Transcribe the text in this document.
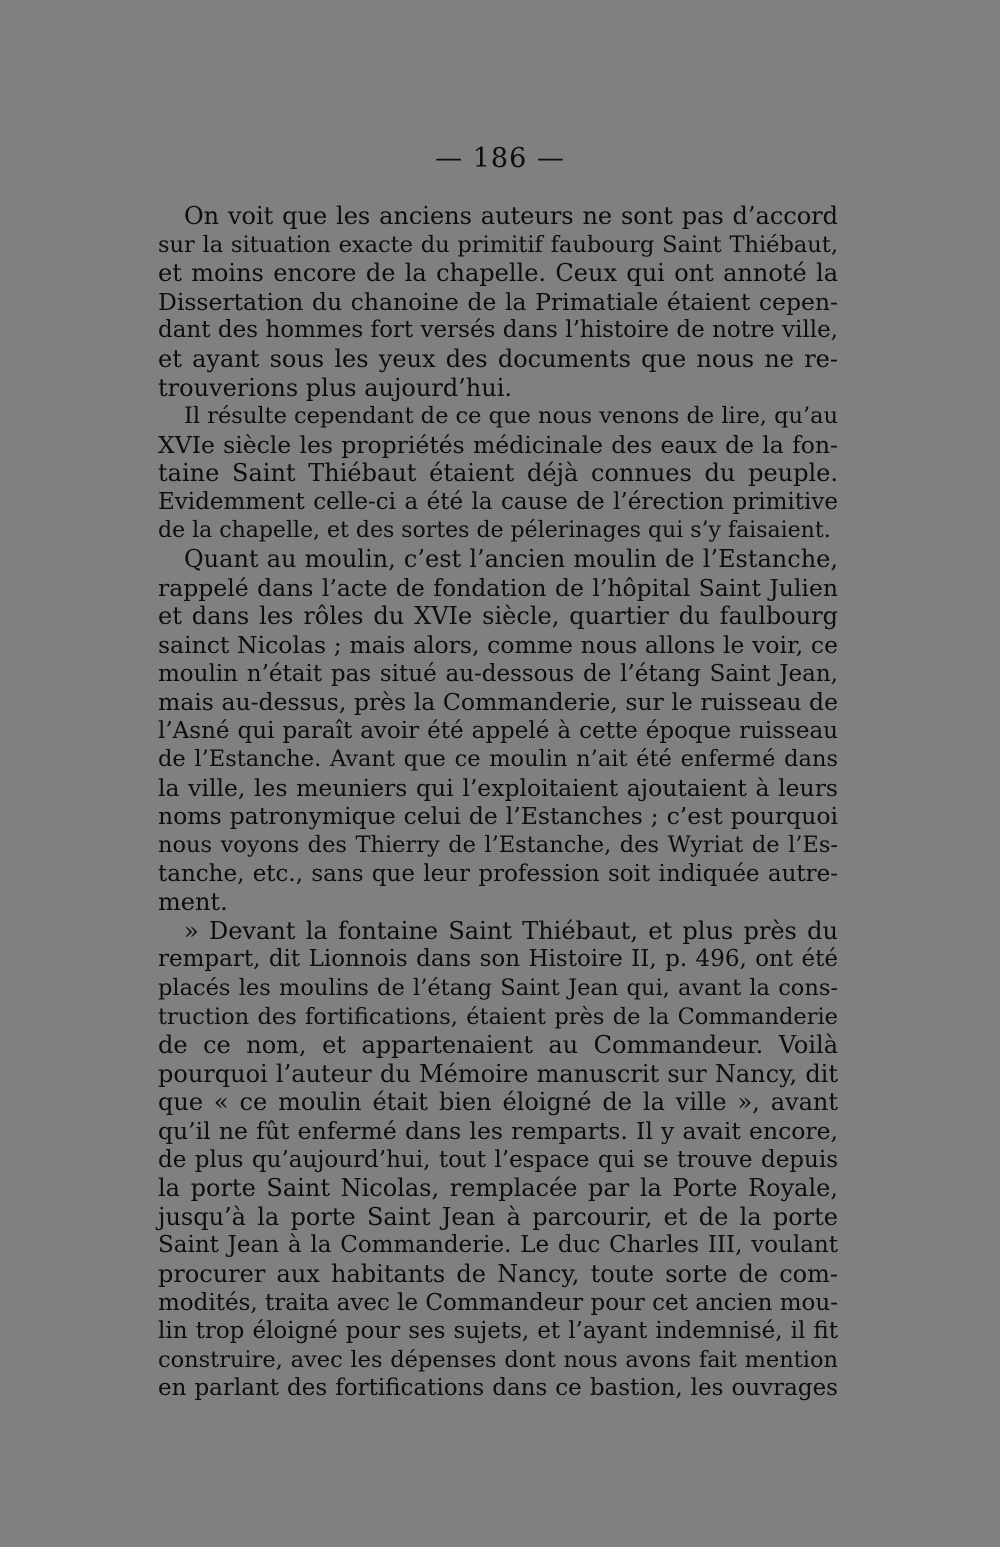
— 186 —
On voit que les anciens auteurs ne sont pas d’accord
sur la situation exacte du primitif faubourg Saint Thiébaut,
et moins encore de la chapelle. Ceux qui ont annoté la
Dissertation du chanoine de la Primatiale étaient cepen-
dant des hommes fort versés dans l’histoire de notre ville,
et ayant sous les yeux des documents que nous ne re-
trouverions plus aujourd’hui.
Il résulte cependant de ce que nous venons de lire, qu’au
XVIe siècle les propriétés médicinale des eaux de la fon-
taine Saint Thiébaut étaient déjà connues du peuple.
Evidemment celle-ci a été la cause de l’érection primitive
de la chapelle, et des sortes de pélerinages qui s’y faisaient.
Quant au moulin, c’est l’ancien moulin de l’Estanche,
rappelé dans l’acte de fondation de l’hôpital Saint Julien
et dans les rôles du XVIe siècle, quartier du faulbourg
sainct Nicolas ; mais alors, comme nous allons le voir, ce
moulin n’était pas situé au-dessous de l’étang Saint Jean,
mais au-dessus, près la Commanderie, sur le ruisseau de
l’Asné qui paraît avoir été appelé à cette époque ruisseau
de l’Estanche. Avant que ce moulin n’ait été enfermé dans
la ville, les meuniers qui l’exploitaient ajoutaient à leurs
noms patronymique celui de l’Estanches ; c’est pourquoi
nous voyons des Thierry de l’Estanche, des Wyriat de l’Es-
tanche, etc., sans que leur profession soit indiquée autre-
ment.
» Devant la fontaine Saint Thiébaut, et plus près du
rempart, dit Lionnois dans son Histoire II, p. 496, ont été
placés les moulins de l’étang Saint Jean qui, avant la cons-
truction des fortifications, étaient près de la Commanderie
de ce nom, et appartenaient au Commandeur. Voilà
pourquoi l’auteur du Mémoire manuscrit sur Nancy, dit
que « ce moulin était bien éloigné de la ville », avant
qu’il ne fût enfermé dans les remparts. Il y avait encore,
de plus qu’aujourd’hui, tout l’espace qui se trouve depuis
la porte Saint Nicolas, remplacée par la Porte Royale,
jusqu’à la porte Saint Jean à parcourir, et de la porte
Saint Jean à la Commanderie. Le duc Charles III, voulant
procurer aux habitants de Nancy, toute sorte de com-
modités, traita avec le Commandeur pour cet ancien mou-
lin trop éloigné pour ses sujets, et l’ayant indemnisé, il fit
construire, avec les dépenses dont nous avons fait mention
en parlant des fortifications dans ce bastion, les ouvrages
